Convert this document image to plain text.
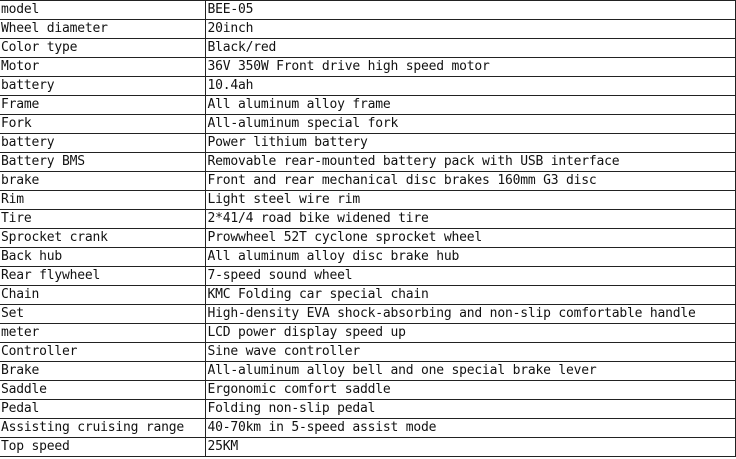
model	BEE-05
Wheel diameter	20inch
Color type	Black/red
Motor	36V 350W Front drive high speed motor
battery	10.4ah
Frame	All aluminum alloy frame
Fork	All-aluminum special fork
battery	Power lithium battery
Battery BMS	Removable rear-mounted battery pack with USB interface
brake	Front and rear mechanical disc brakes 160mm G3 disc
Rim	Light steel wire rim
Tire	2*41/4 road bike widened tire
Sprocket crank	Prowwheel 52T cyclone sprocket wheel
Back hub	All aluminum alloy disc brake hub
Rear flywheel	7-speed sound wheel
Chain	KMC Folding car special chain
Set	High-density EVA shock-absorbing and non-slip comfortable handle
meter	LCD power display speed up
Controller	Sine wave controller
Brake	All-aluminum alloy bell and one special brake lever
Saddle	Ergonomic comfort saddle
Pedal	Folding non-slip pedal
Assisting cruising range	40-70km in 5-speed assist mode
Top speed	25KM
